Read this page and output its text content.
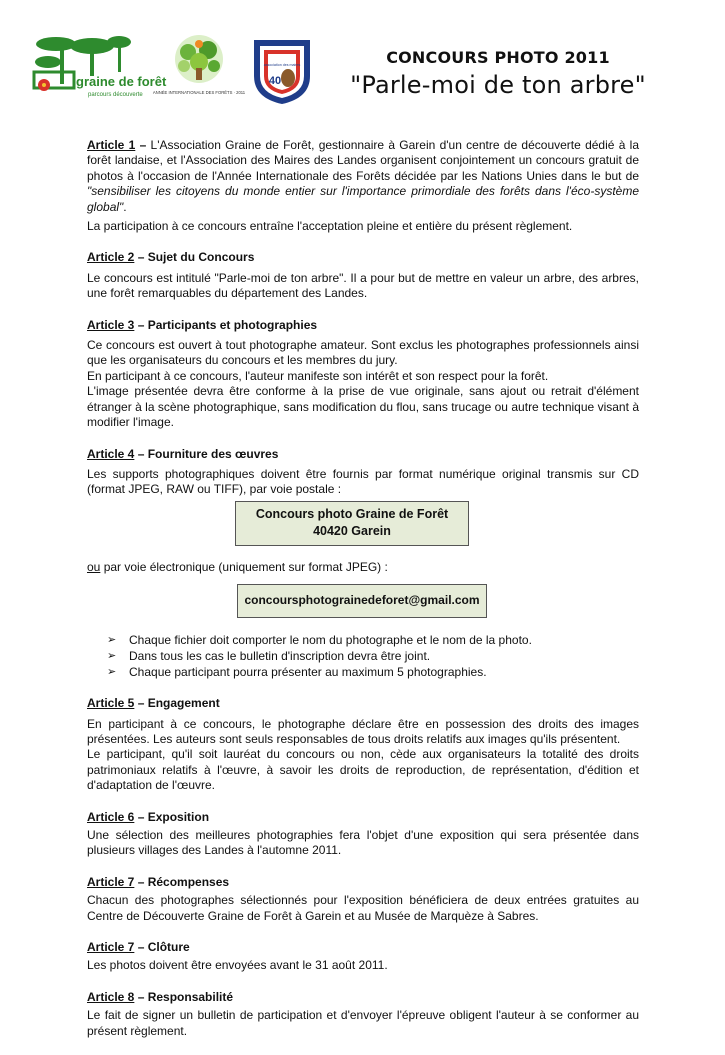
graine de forêt
parcours découverte ANNÉE INTERNATIONALE DES FORÊTS · 2011
40
association des maires	CONCOURS PHOTO 2011
"Parle-moi de ton arbre"

Article 1 – L'Association Graine de Forêt, gestionnaire à Garein d'un centre de découverte dédié à la forêt landaise, et l'Association des Maires des Landes organisent conjointement un concours gratuit de photos à l'occasion de l'Année Internationale des Forêts décidée par les Nations Unies dans le but de "sensibiliser les citoyens du monde entier sur l'importance primordiale des forêts dans l'éco-système global".

La participation à ce concours entraîne l'acceptation pleine et entière du présent règlement.

Article 2 – Sujet du Concours

Le concours est intitulé "Parle-moi de ton arbre". Il a pour but de mettre en valeur un arbre, des arbres, une forêt remarquables du département des Landes.

Article 3 – Participants et photographies

Ce concours est ouvert à tout photographe amateur. Sont exclus les photographes professionnels ainsi que les organisateurs du concours et les membres du jury.

En participant à ce concours, l'auteur manifeste son intérêt et son respect pour la forêt.

L'image présentée devra être conforme à la prise de vue originale, sans ajout ou retrait d'élément étranger à la scène photographique, sans modification du flou, sans trucage ou autre technique visant à modifier l'image.

Article 4 – Fourniture des œuvres

Les supports photographiques doivent être fournis par format numérique original transmis sur CD (format JPEG, RAW ou TIFF), par voie postale :

Concours photo Graine de Forêt
40420 Garein

ou par voie électronique (uniquement sur format JPEG) :

concoursphotograinedeforet@gmail.com
➢ Chaque fichier doit comporter le nom du photographe et le nom de la photo.
➢ Dans tous les cas le bulletin d'inscription devra être joint.
➢ Chaque participant pourra présenter au maximum 5 photographies.
Article 5 – Engagement

En participant à ce concours, le photographe déclare être en possession des droits des images présentées. Les auteurs sont seuls responsables de tous droits relatifs aux images qu'ils présentent.

Le participant, qu'il soit lauréat du concours ou non, cède aux organisateurs la totalité des droits patrimoniaux relatifs à l'œuvre, à savoir les droits de reproduction, de représentation, d'édition et d'adaptation de l'œuvre.

Article 6 – Exposition

Une sélection des meilleures photographies fera l'objet d'une exposition qui sera présentée dans plusieurs villages des Landes à l'automne 2011.

Article 7 – Récompenses

Chacun des photographes sélectionnés pour l'exposition bénéficiera de deux entrées gratuites au Centre de Découverte Graine de Forêt à Garein et au Musée de Marquèze à Sabres.

Article 7 – Clôture

Les photos doivent être envoyées avant le 31 août 2011.

Article 8 – Responsabilité

Le fait de signer un bulletin de participation et d'envoyer l'épreuve obligent l'auteur à se conformer au présent règlement.
